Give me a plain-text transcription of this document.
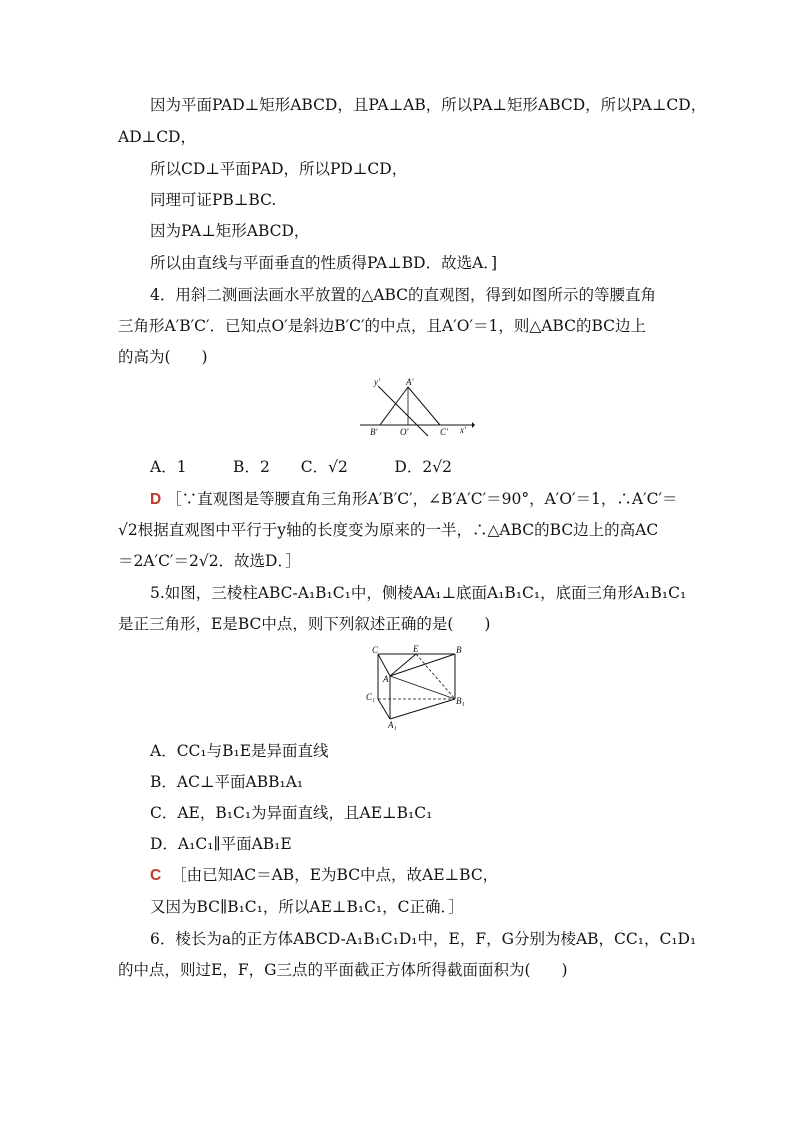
因为平面PAD⊥矩形ABCD，且PA⊥AB，所以PA⊥矩形ABCD，所以PA⊥CD，
AD⊥CD，
所以CD⊥平面PAD，所以PD⊥CD，
同理可证PB⊥BC.
因为PA⊥矩形ABCD，
所以由直线与平面垂直的性质得PA⊥BD．故选A．]
4．用斜二测画法画水平放置的△ABC的直观图，得到如图所示的等腰直角
三角形A′B′C′．已知点O′是斜边B′C′的中点，且A′O′＝1，则△ABC的BC边上
的高为(　　)
y′	A′
B′	O′	C′ x′
A．1　　　B．2　　C．√2　　　D．2√2
D ［∵直观图是等腰直角三角形A′B′C′，∠B′A′C′＝90°，A′O′＝1，∴A′C′＝
√2根据直观图中平行于y轴的长度变为原来的一半，∴△ABC的BC边上的高AC
＝2A′C′＝2√2．故选D．］
5.如图，三棱柱ABC-A₁B₁C₁中，侧棱AA₁⊥底面A₁B₁C₁，底面三角形A₁B₁C₁
是正三角形，E是BC中点，则下列叙述正确的是(　　)
C	E	B
A
C₁	B₁
A₁
A．CC₁与B₁E是异面直线
B．AC⊥平面ABB₁A₁
C．AE，B₁C₁为异面直线，且AE⊥B₁C₁
D．A₁C₁∥平面AB₁E
C ［由已知AC＝AB，E为BC中点，故AE⊥BC，
又因为BC∥B₁C₁，所以AE⊥B₁C₁，C正确．］
6．棱长为a的正方体ABCD-A₁B₁C₁D₁中，E，F，G分别为棱AB，CC₁，C₁D₁
的中点，则过E，F，G三点的平面截正方体所得截面面积为(　　)
